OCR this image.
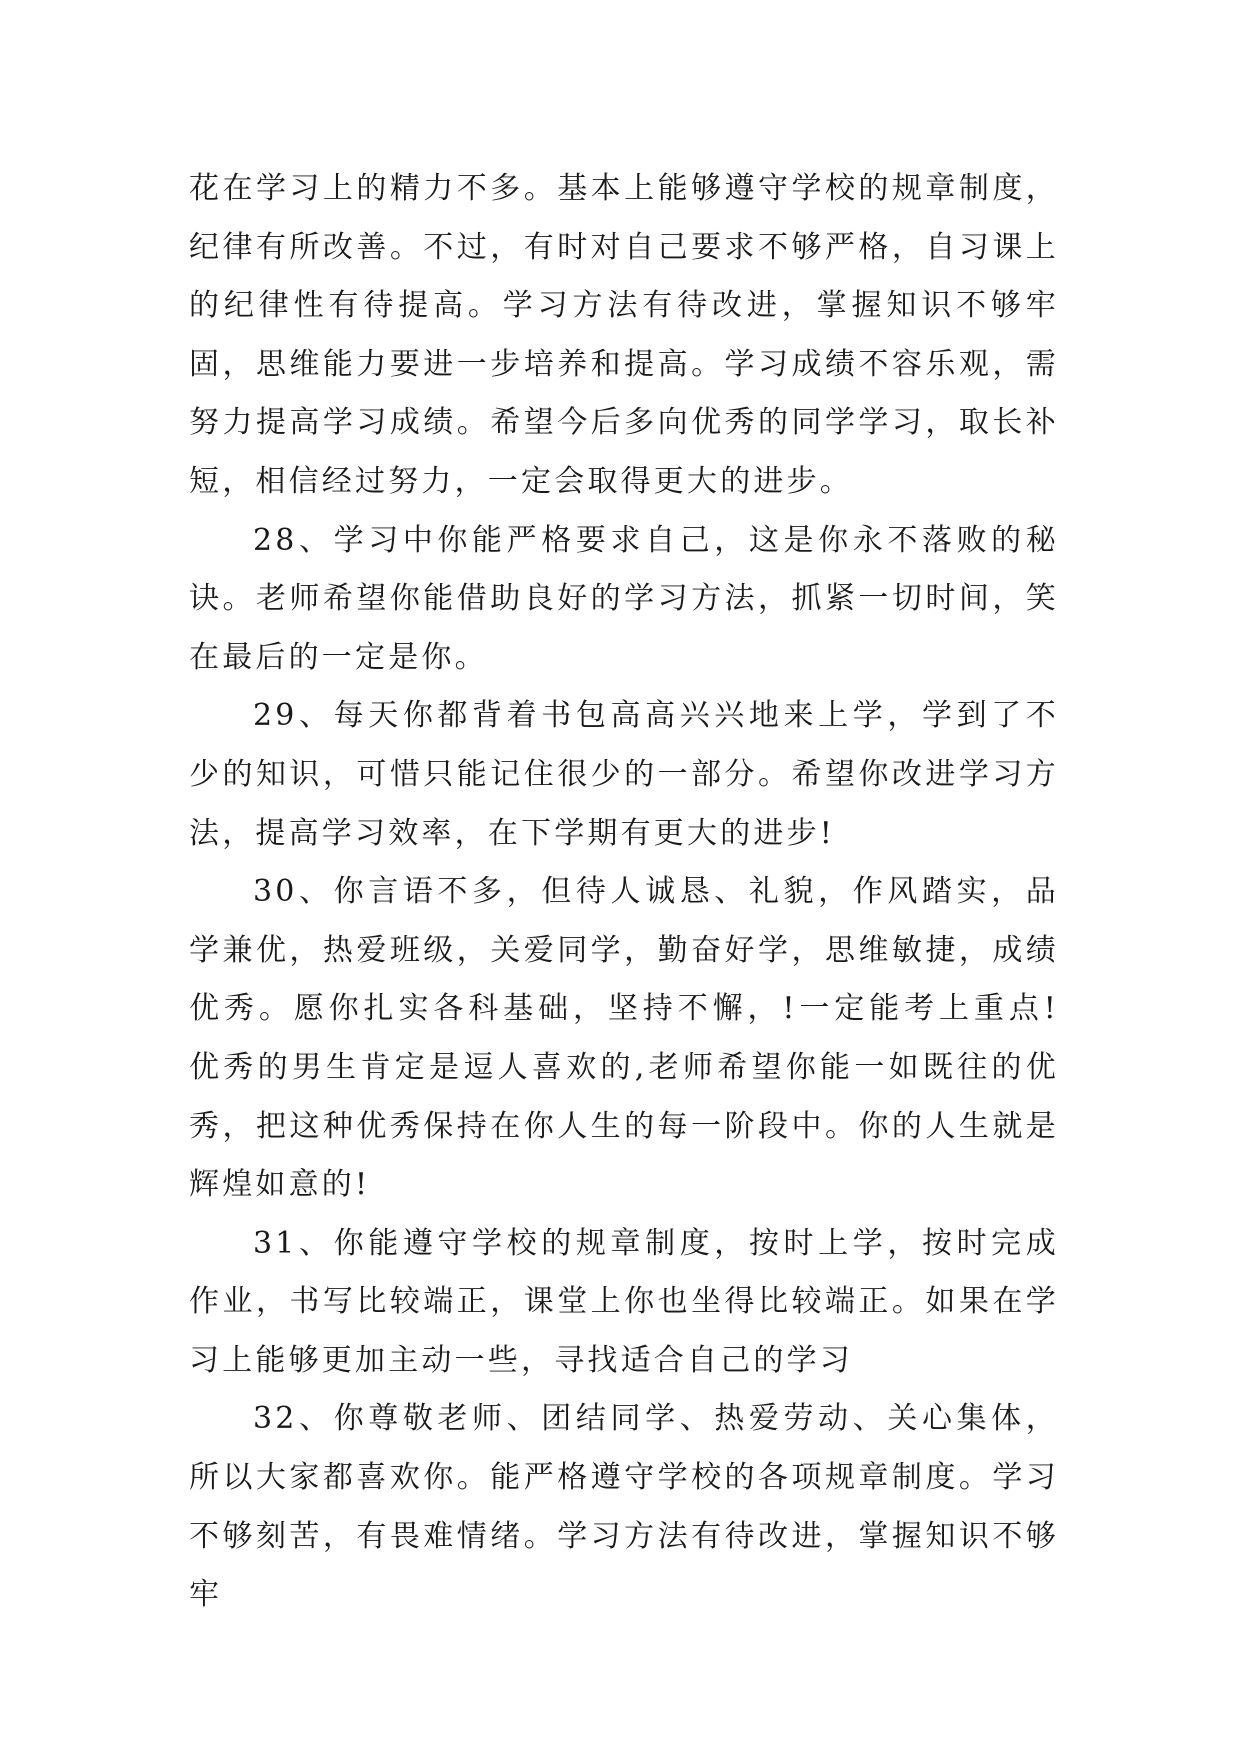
花在学习上的精力不多。基本上能够遵守学校的规章制度，纪律有所改善。不过，有时对自己要求不够严格，自习课上的纪律性有待提高。学习方法有待改进，掌握知识不够牢固，思维能力要进一步培养和提高。学习成绩不容乐观，需努力提高学习成绩。希望今后多向优秀的同学学习，取长补短，相信经过努力，一定会取得更大的进步。

28、学习中你能严格要求自己，这是你永不落败的秘诀。老师希望你能借助良好的学习方法，抓紧一切时间，笑在最后的一定是你。

29、每天你都背着书包高高兴兴地来上学，学到了不少的知识，可惜只能记住很少的一部分。希望你改进学习方法，提高学习效率，在下学期有更大的进步!

30、你言语不多，但待人诚恳、礼貌，作风踏实，品学兼优，热爱班级，关爱同学，勤奋好学，思维敏捷，成绩优秀。愿你扎实各科基础，坚持不懈，!一定能考上重点! 优秀的男生肯定是逗人喜欢的,老师希望你能一如既往的优秀，把这种优秀保持在你人生的每一阶段中。你的人生就是辉煌如意的!

31、你能遵守学校的规章制度，按时上学，按时完成作业，书写比较端正，课堂上你也坐得比较端正。如果在学习上能够更加主动一些，寻找适合自己的学习

32、你尊敬老师、团结同学、热爱劳动、关心集体，所以大家都喜欢你。能严格遵守学校的各项规章制度。学习不够刻苦，有畏难情绪。学习方法有待改进，掌握知识不够牢
